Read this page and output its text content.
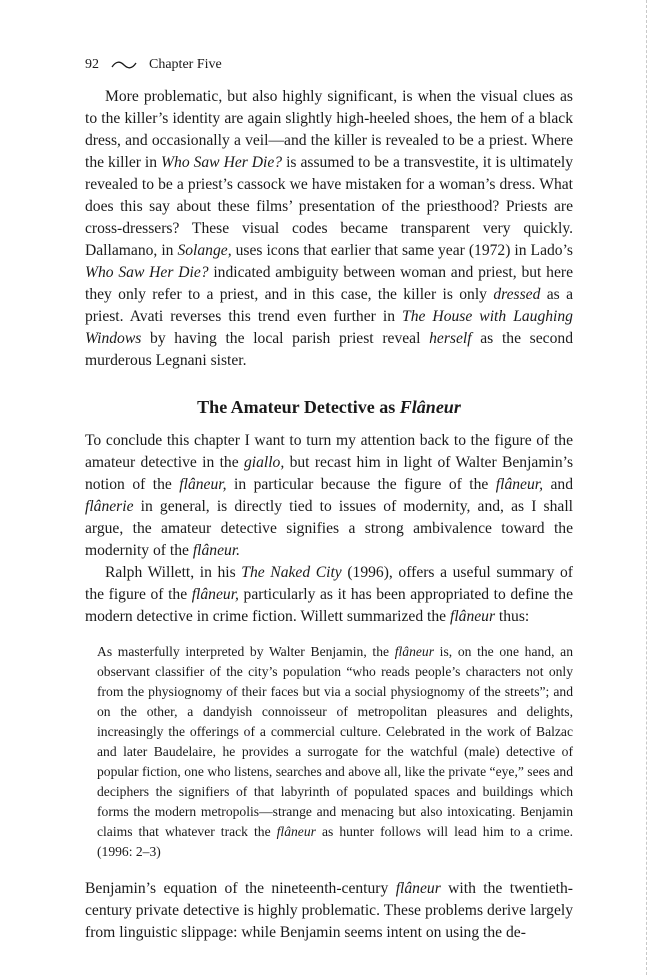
92	Chapter Five

More problematic, but also highly significant, is when the visual clues as to the killer’s identity are again slightly high-heeled shoes, the hem of a black dress, and occasionally a veil—and the killer is revealed to be a priest. Where the killer in Who Saw Her Die? is assumed to be a transvestite, it is ultimately revealed to be a priest’s cassock we have mistaken for a woman’s dress. What does this say about these films’ presentation of the priesthood? Priests are cross-dressers? These visual codes became transparent very quickly. Dallamano, in Solange, uses icons that earlier that same year (1972) in Lado’s Who Saw Her Die? indicated ambiguity between woman and priest, but here they only refer to a priest, and in this case, the killer is only dressed as a priest. Avati reverses this trend even further in The House with Laughing Windows by having the local parish priest reveal herself as the second murderous Legnani sister.

The Amateur Detective as Flâneur

To conclude this chapter I want to turn my attention back to the figure of the amateur detective in the giallo, but recast him in light of Walter Benjamin’s notion of the flâneur, in particular because the figure of the flâneur, and flânerie in general, is directly tied to issues of modernity, and, as I shall argue, the amateur detective signifies a strong ambivalence toward the modernity of the flâneur.

Ralph Willett, in his The Naked City (1996), offers a useful summary of the figure of the flâneur, particularly as it has been appropriated to define the modern detective in crime fiction. Willett summarized the flâneur thus:

As masterfully interpreted by Walter Benjamin, the flâneur is, on the one hand, an observant classifier of the city’s population “who reads people’s characters not only from the physiognomy of their faces but via a social physiognomy of the streets”; and on the other, a dandyish connoisseur of metropolitan pleasures and delights, increasingly the offerings of a commercial culture. Celebrated in the work of Balzac and later Baudelaire, he provides a surrogate for the watchful (male) detective of popular fiction, one who listens, searches and above all, like the private “eye,” sees and deciphers the signifiers of that labyrinth of populated spaces and buildings which forms the modern metropolis—strange and menacing but also intoxicating. Benjamin claims that whatever track the flâneur as hunter follows will lead him to a crime. (1996: 2–3)

Benjamin’s equation of the nineteenth-century flâneur with the twentieth-century private detective is highly problematic. These problems derive largely from linguistic slippage: while Benjamin seems intent on using the de-
